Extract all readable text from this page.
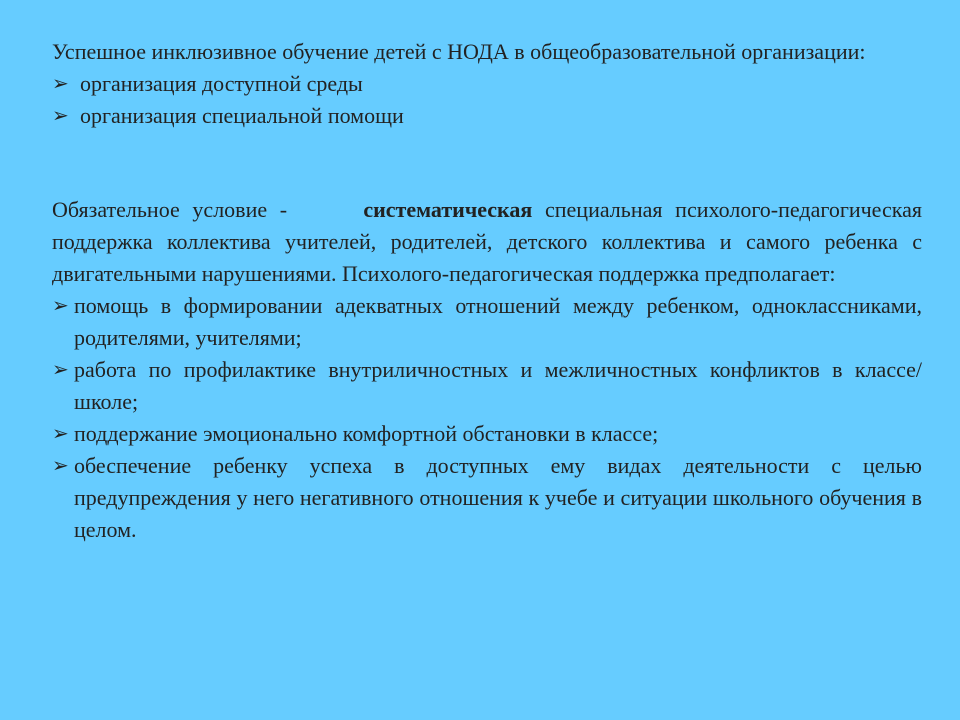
Успешное инклюзивное обучение детей с НОДА в общеобразовательной организации:

➢ организация доступной среды
➢ организация специальной помощи

Обязательное условие -	систематическая специальная психолого-педагогическая поддержка коллектива учителей, родителей, детского коллектива и самого ребенка с двигательными нарушениями. Психолого-педагогическая поддержка предполагает:

➢ помощь в формировании адекватных отношений между ребенком, одноклассниками, родителями, учителями;
➢ работа по профилактике внутриличностных и межличностных конфликтов в классе/школе;
➢ поддержание эмоционально комфортной обстановки в классе;
➢ обеспечение ребенку успеха в доступных ему видах деятельности с целью предупреждения у него негативного отношения к учебе и ситуации школьного обучения в целом.
